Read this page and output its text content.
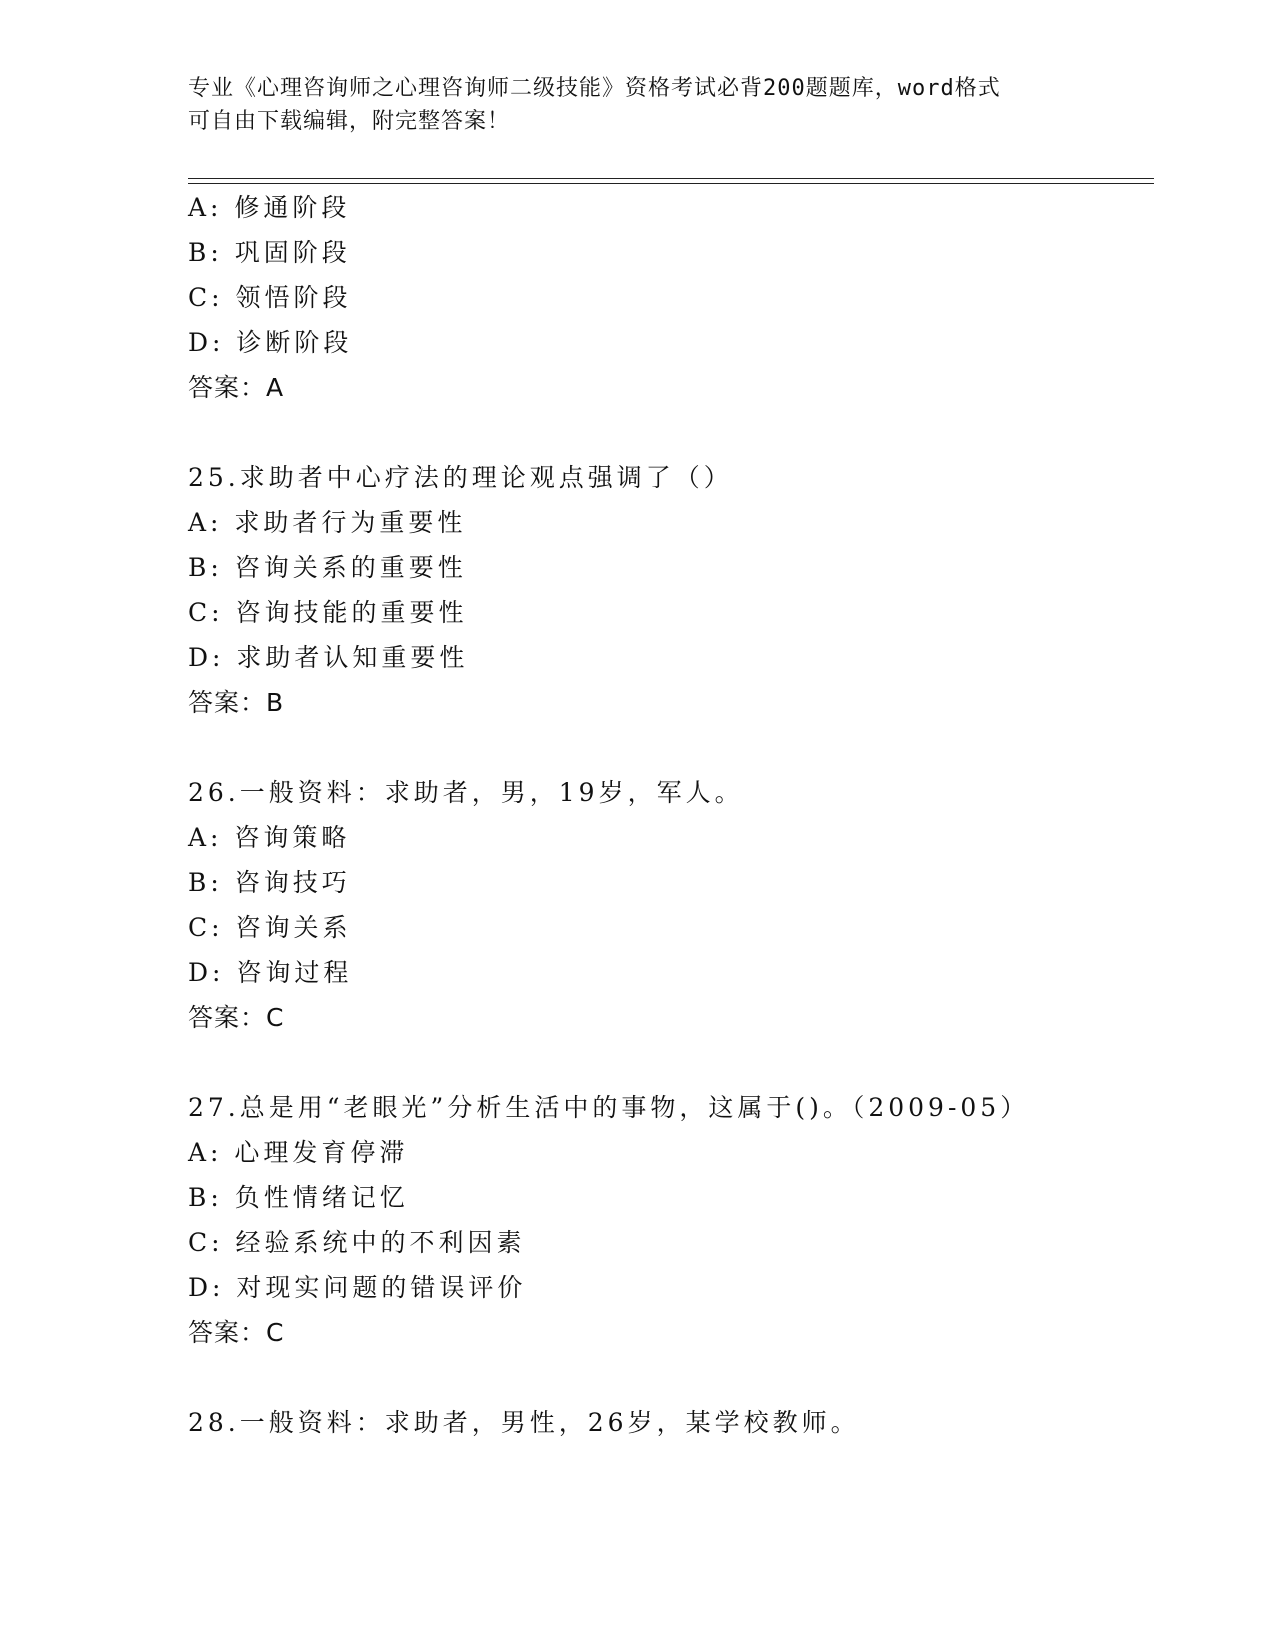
专业《心理咨询师之心理咨询师二级技能》资格考试必背200题题库，word格式
可自由下载编辑，附完整答案！
A: 修通阶段
B: 巩固阶段
C: 领悟阶段
D: 诊断阶段
答案：A
25.求助者中心疗法的理论观点强调了（）
A: 求助者行为重要性
B: 咨询关系的重要性
C: 咨询技能的重要性
D: 求助者认知重要性
答案：B
26.一般资料：求助者，男，19岁，军人。
A: 咨询策略
B: 咨询技巧
C: 咨询关系
D: 咨询过程
答案：C
27.总是用“老眼光”分析生活中的事物，这属于()。（2009-05）
A: 心理发育停滞
B: 负性情绪记忆
C: 经验系统中的不利因素
D: 对现实问题的错误评价
答案：C
28.一般资料：求助者，男性，26岁，某学校教师。
